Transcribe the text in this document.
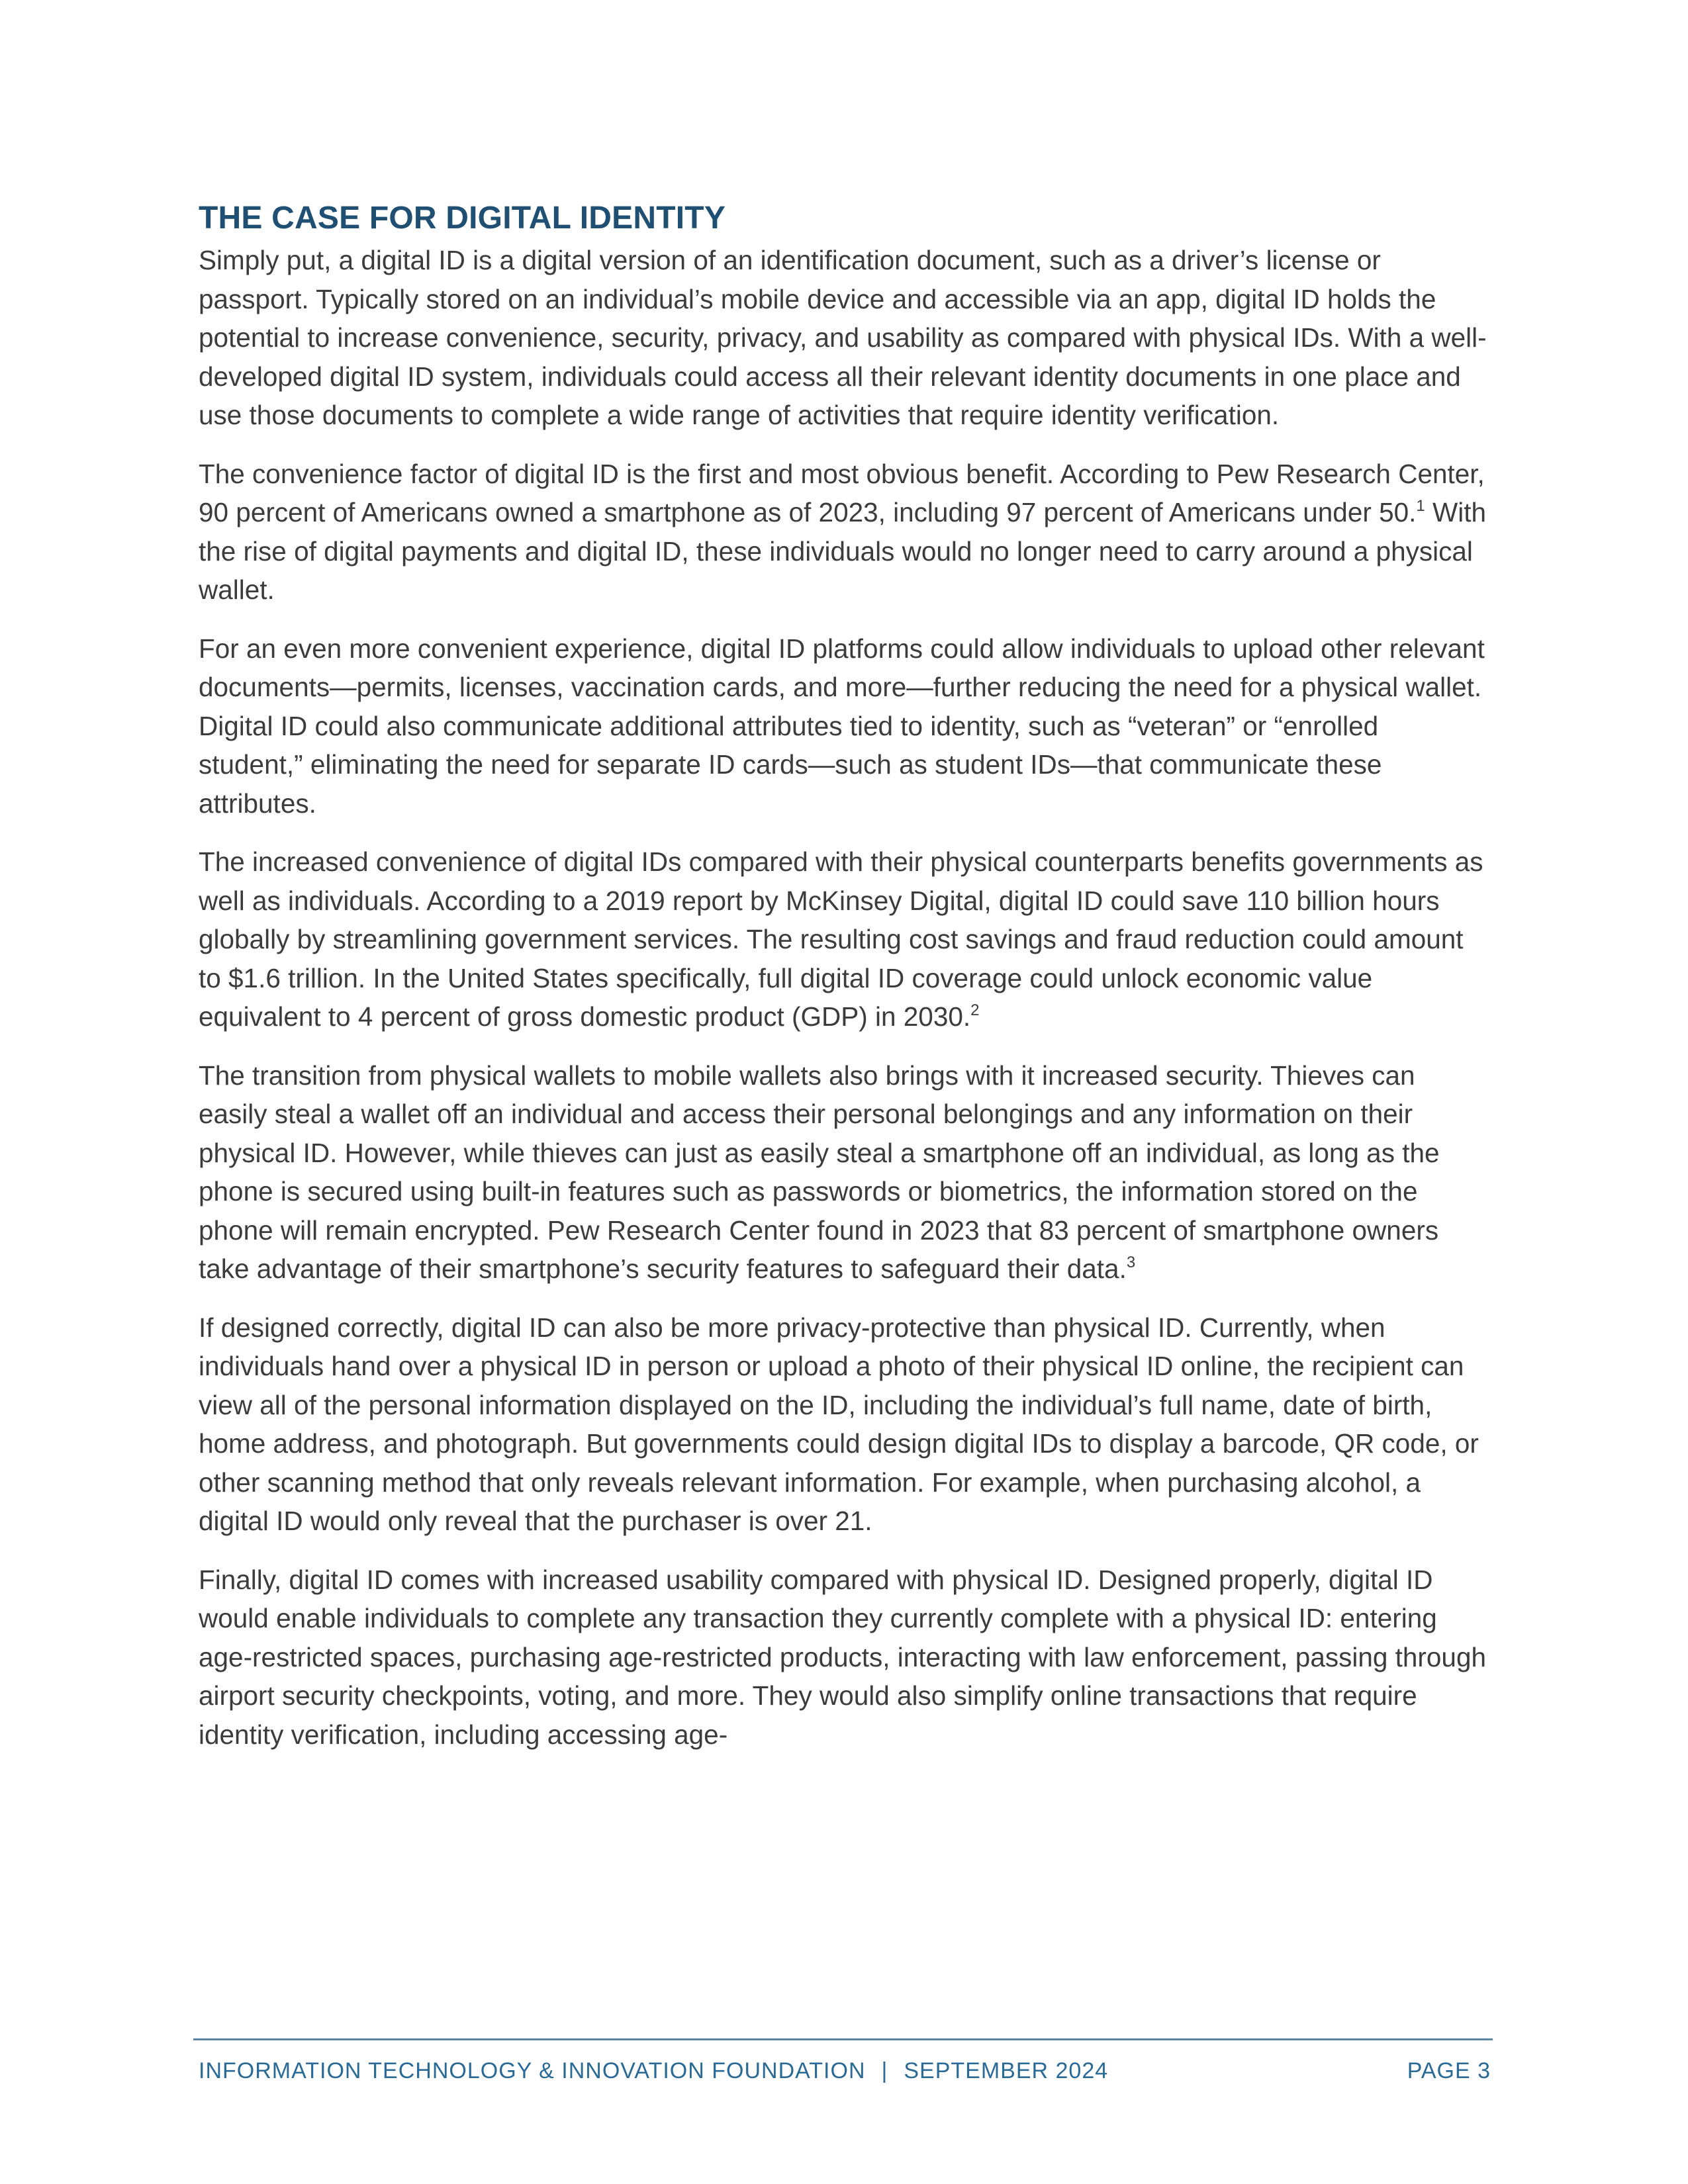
THE CASE FOR DIGITAL IDENTITY

Simply put, a digital ID is a digital version of an identification document, such as a driver’s license or passport. Typically stored on an individual’s mobile device and accessible via an app, digital ID holds the potential to increase convenience, security, privacy, and usability as compared with physical IDs. With a well-developed digital ID system, individuals could access all their relevant identity documents in one place and use those documents to complete a wide range of activities that require identity verification.

The convenience factor of digital ID is the first and most obvious benefit. According to Pew Research Center, 90 percent of Americans owned a smartphone as of 2023, including 97 percent of Americans under 50.$^1$ With the rise of digital payments and digital ID, these individuals would no longer need to carry around a physical wallet.

For an even more convenient experience, digital ID platforms could allow individuals to upload other relevant documents—permits, licenses, vaccination cards, and more—further reducing the need for a physical wallet. Digital ID could also communicate additional attributes tied to identity, such as “veteran” or “enrolled student,” eliminating the need for separate ID cards—such as student IDs—that communicate these attributes.

The increased convenience of digital IDs compared with their physical counterparts benefits governments as well as individuals. According to a 2019 report by McKinsey Digital, digital ID could save 110 billion hours globally by streamlining government services. The resulting cost savings and fraud reduction could amount to $1.6 trillion. In the United States specifically, full digital ID coverage could unlock economic value equivalent to 4 percent of gross domestic product (GDP) in 2030.$^2$

The transition from physical wallets to mobile wallets also brings with it increased security. Thieves can easily steal a wallet off an individual and access their personal belongings and any information on their physical ID. However, while thieves can just as easily steal a smartphone off an individual, as long as the phone is secured using built-in features such as passwords or biometrics, the information stored on the phone will remain encrypted. Pew Research Center found in 2023 that 83 percent of smartphone owners take advantage of their smartphone’s security features to safeguard their data.$^3$

If designed correctly, digital ID can also be more privacy-protective than physical ID. Currently, when individuals hand over a physical ID in person or upload a photo of their physical ID online, the recipient can view all of the personal information displayed on the ID, including the individual’s full name, date of birth, home address, and photograph. But governments could design digital IDs to display a barcode, QR code, or other scanning method that only reveals relevant information. For example, when purchasing alcohol, a digital ID would only reveal that the purchaser is over 21.

Finally, digital ID comes with increased usability compared with physical ID. Designed properly, digital ID would enable individuals to complete any transaction they currently complete with a physical ID: entering age-restricted spaces, purchasing age-restricted products, interacting with law enforcement, passing through airport security checkpoints, voting, and more. They would also simplify online transactions that require identity verification, including accessing age-

INFORMATION TECHNOLOGY & INNOVATION FOUNDATION | SEPTEMBER 2024	PAGE 3
